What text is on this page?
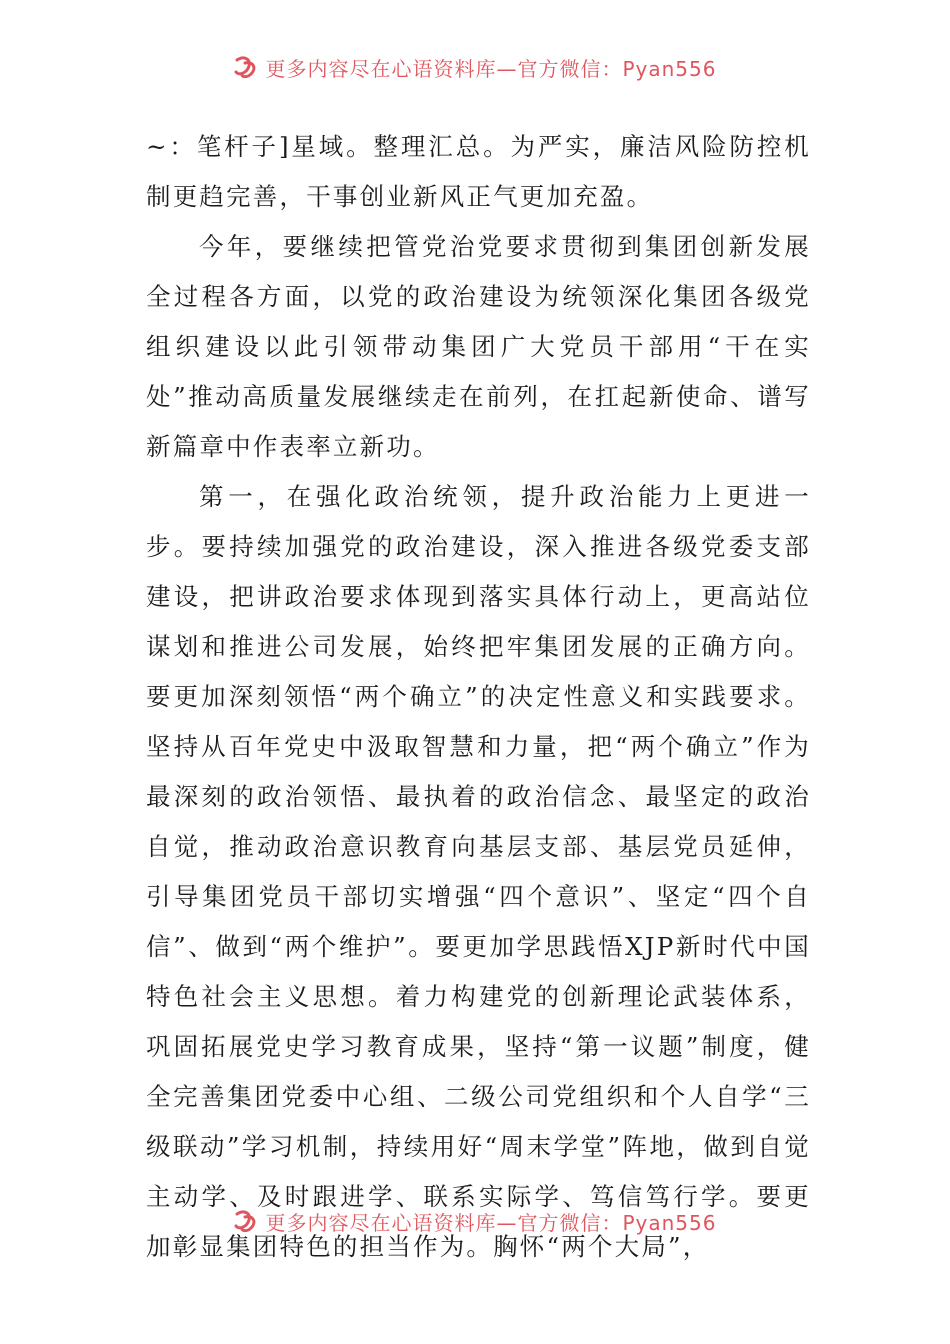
更多内容尽在心语资料库—官方微信：Pyan556

~：笔杆子]星域。整理汇总。为严实，廉洁风险防控机制更趋完善，干事创业新风正气更加充盈。

今年，要继续把管党治党要求贯彻到集团创新发展全过程各方面，以党的政治建设为统领深化集团各级党组织建设以此引领带动集团广大党员干部用“干在实处”推动高质量发展继续走在前列，在扛起新使命、谱写新篇章中作表率立新功。

第一，在强化政治统领，提升政治能力上更进一步。要持续加强党的政治建设，深入推进各级党委支部建设，把讲政治要求体现到落实具体行动上，更高站位谋划和推进公司发展，始终把牢集团发展的正确方向。要更加深刻领悟“两个确立”的决定性意义和实践要求。坚持从百年党史中汲取智慧和力量，把“两个确立”作为最深刻的政治领悟、最执着的政治信念、最坚定的政治自觉，推动政治意识教育向基层支部、基层党员延伸，引导集团党员干部切实增强“四个意识”、坚定“四个自信”、做到“两个维护”。要更加学思践悟XJP新时代中国特色社会主义思想。着力构建党的创新理论武装体系，巩固拓展党史学习教育成果，坚持“第一议题”制度，健全完善集团党委中心组、二级公司党组织和个人自学“三级联动”学习机制，持续用好“周末学堂”阵地，做到自觉主动学、及时跟进学、联系实际学、笃信笃行学。要更加彰显集团特色的担当作为。胸怀“两个大局”，

更多内容尽在心语资料库—官方微信：Pyan556
